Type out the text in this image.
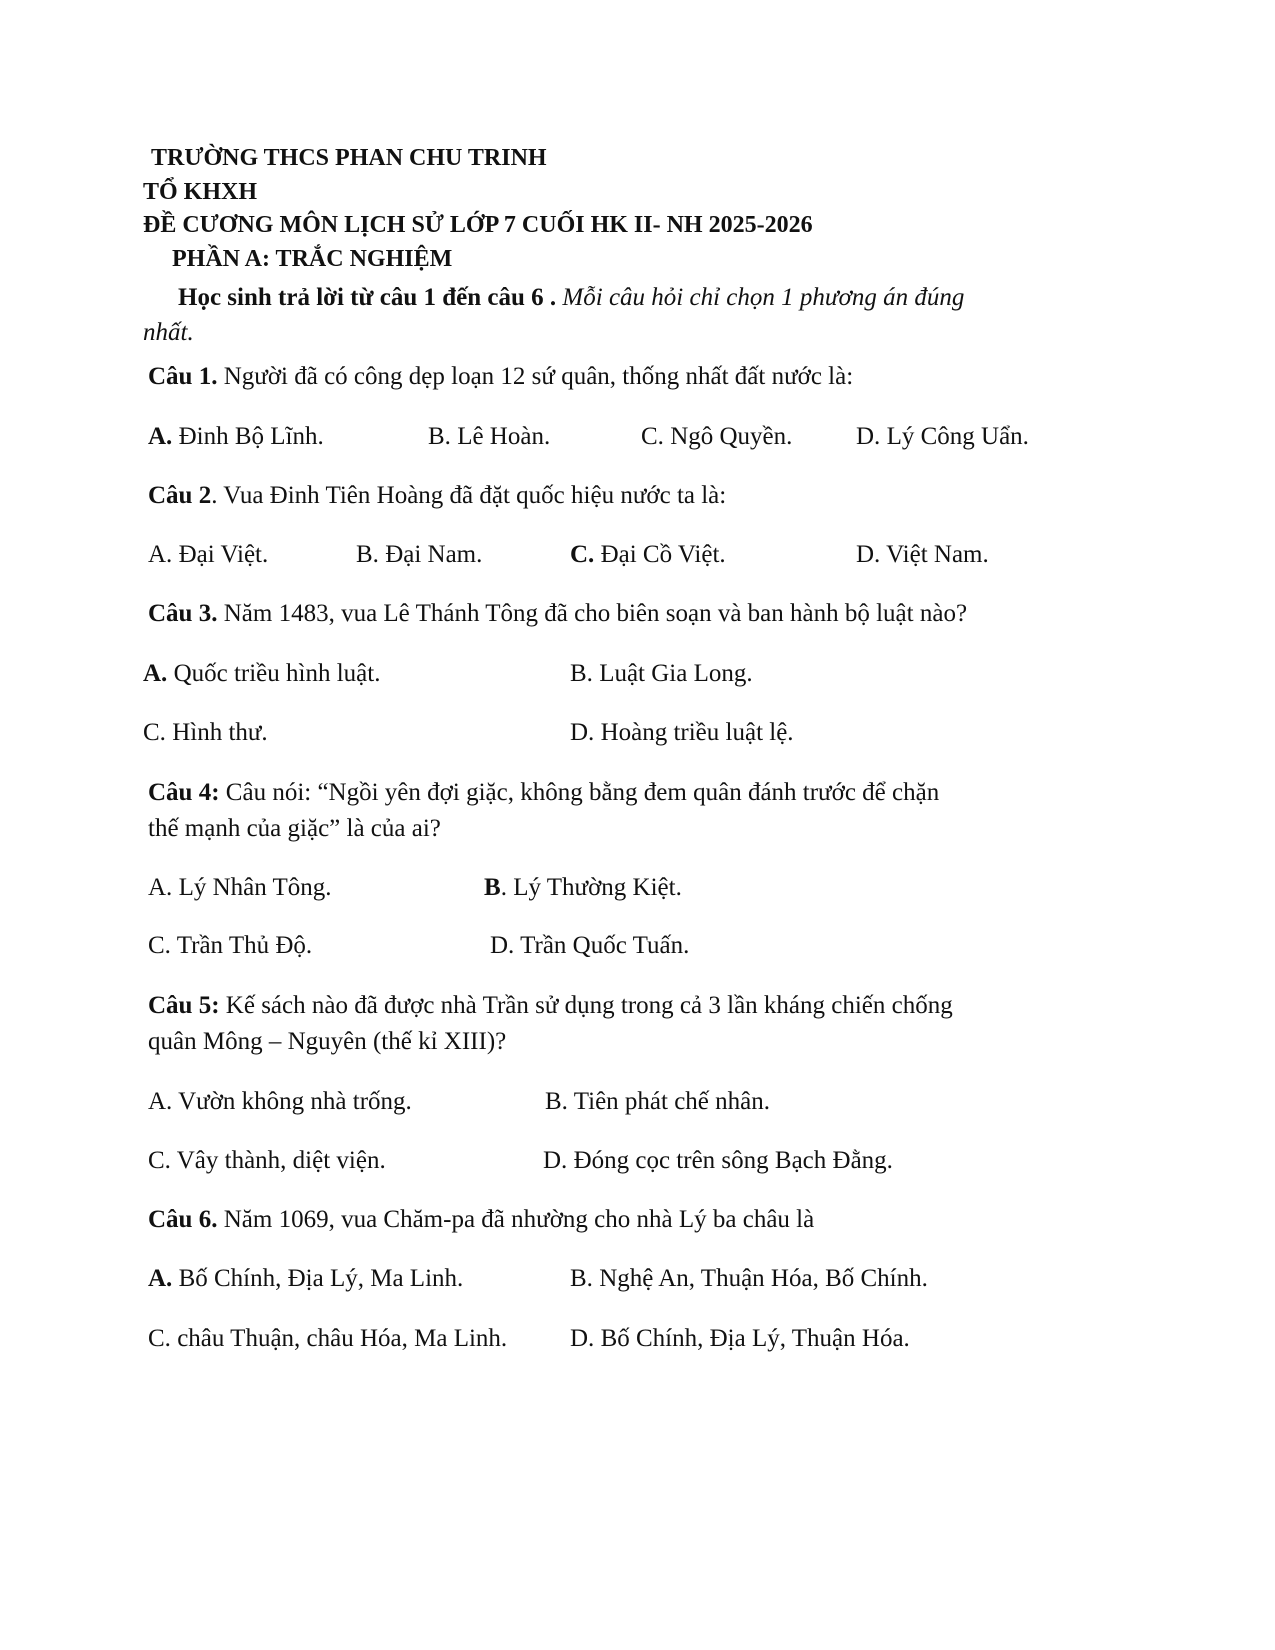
TRƯỜNG THCS PHAN CHU TRINH
TỔ KHXH
ĐỀ CƯƠNG MÔN LỊCH SỬ LỚP 7 CUỐI HK II- NH 2025-2026
PHẦN A: TRẮC NGHIỆM
Học sinh trả lời từ câu 1 đến câu 6 . Mỗi câu hỏi chỉ chọn 1 phương án đúng
nhất.
Câu 1. Người đã có công dẹp loạn 12 sứ quân, thống nhất đất nước là:
A. Đinh Bộ Lĩnh.	B. Lê Hoàn.	C. Ngô Quyền.	D. Lý Công Uẩn.
Câu 2. Vua Đinh Tiên Hoàng đã đặt quốc hiệu nước ta là:
A. Đại Việt.	B. Đại Nam.	C. Đại Cồ Việt.	D. Việt Nam.
Câu 3. Năm 1483, vua Lê Thánh Tông đã cho biên soạn và ban hành bộ luật nào?
A. Quốc triều hình luật.	B. Luật Gia Long.
C. Hình thư.	D. Hoàng triều luật lệ.
Câu 4: Câu nói: “Ngồi yên đợi giặc, không bằng đem quân đánh trước để chặn
thế mạnh của giặc” là của ai?
A. Lý Nhân Tông.	B. Lý Thường Kiệt.
C. Trần Thủ Độ.	D. Trần Quốc Tuấn.
Câu 5: Kế sách nào đã được nhà Trần sử dụng trong cả 3 lần kháng chiến chống
quân Mông – Nguyên (thế kỉ XIII)?
A. Vườn không nhà trống.	B. Tiên phát chế nhân.
C. Vây thành, diệt viện.	D. Đóng cọc trên sông Bạch Đằng.
Câu 6. Năm 1069, vua Chăm-pa đã nhường cho nhà Lý ba châu là
A. Bố Chính, Địa Lý, Ma Linh.	B. Nghệ An, Thuận Hóa, Bố Chính.
C. châu Thuận, châu Hóa, Ma Linh.	D. Bố Chính, Địa Lý, Thuận Hóa.
